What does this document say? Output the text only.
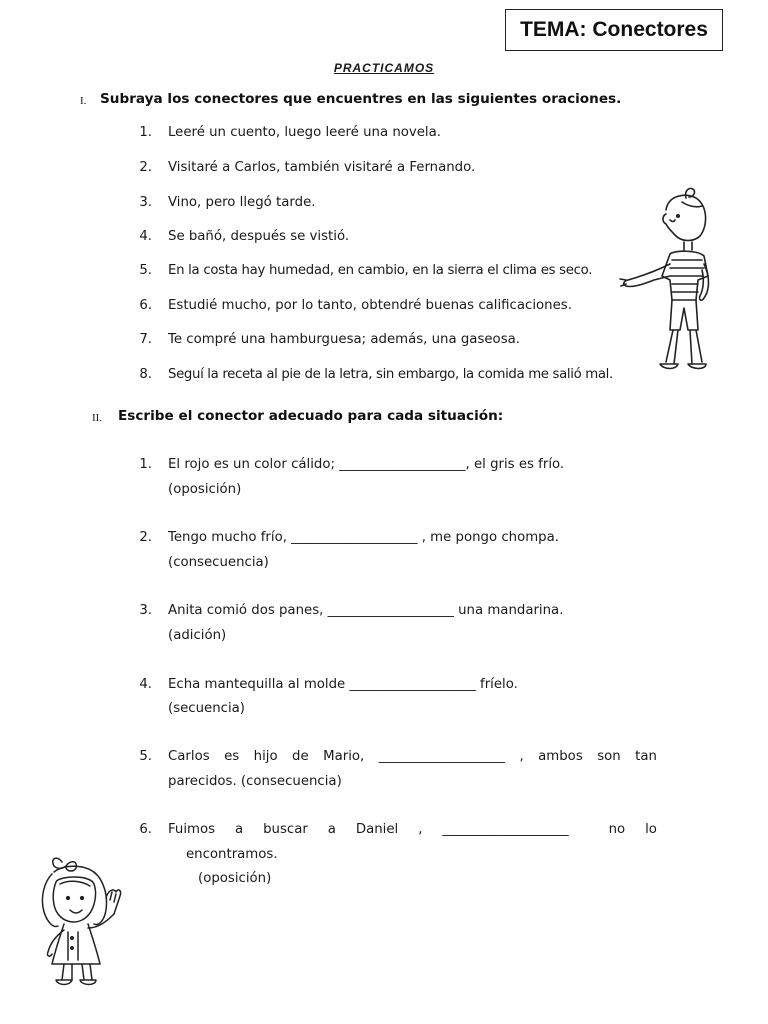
TEMA: Conectores
PRACTICAMOS
I. Subraya los conectores que encuentres en las siguientes oraciones.
1. Leeré un cuento, luego leeré una novela.
2. Visitaré a Carlos, también visitaré a Fernando.
3. Vino, pero llegó tarde.
4. Se bañó, después se vistió.
5. En la costa hay humedad, en cambio, en la sierra el clima es seco.
6. Estudié mucho, por lo tanto, obtendré buenas calificaciones.
7. Te compré una hamburguesa; además, una gaseosa.
8. Seguí la receta al pie de la letra, sin embargo, la comida me salió mal.
II. Escribe el conector adecuado para cada situación:
1. El rojo es un color cálido; ___________________, el gris es frío.
(oposición)
2. Tengo mucho frío, ___________________ , me pongo chompa.
(consecuencia)
3. Anita comió dos panes, ___________________ una mandarina.
(adición)
4. Echa mantequilla al molde ___________________ fríelo.
(secuencia)
5. Carlos es hijo de Mario, ___________________ , ambos son tan
parecidos. (consecuencia)
6. Fuimos a buscar a Daniel , ___________________	no lo
encontramos.
(oposición)
